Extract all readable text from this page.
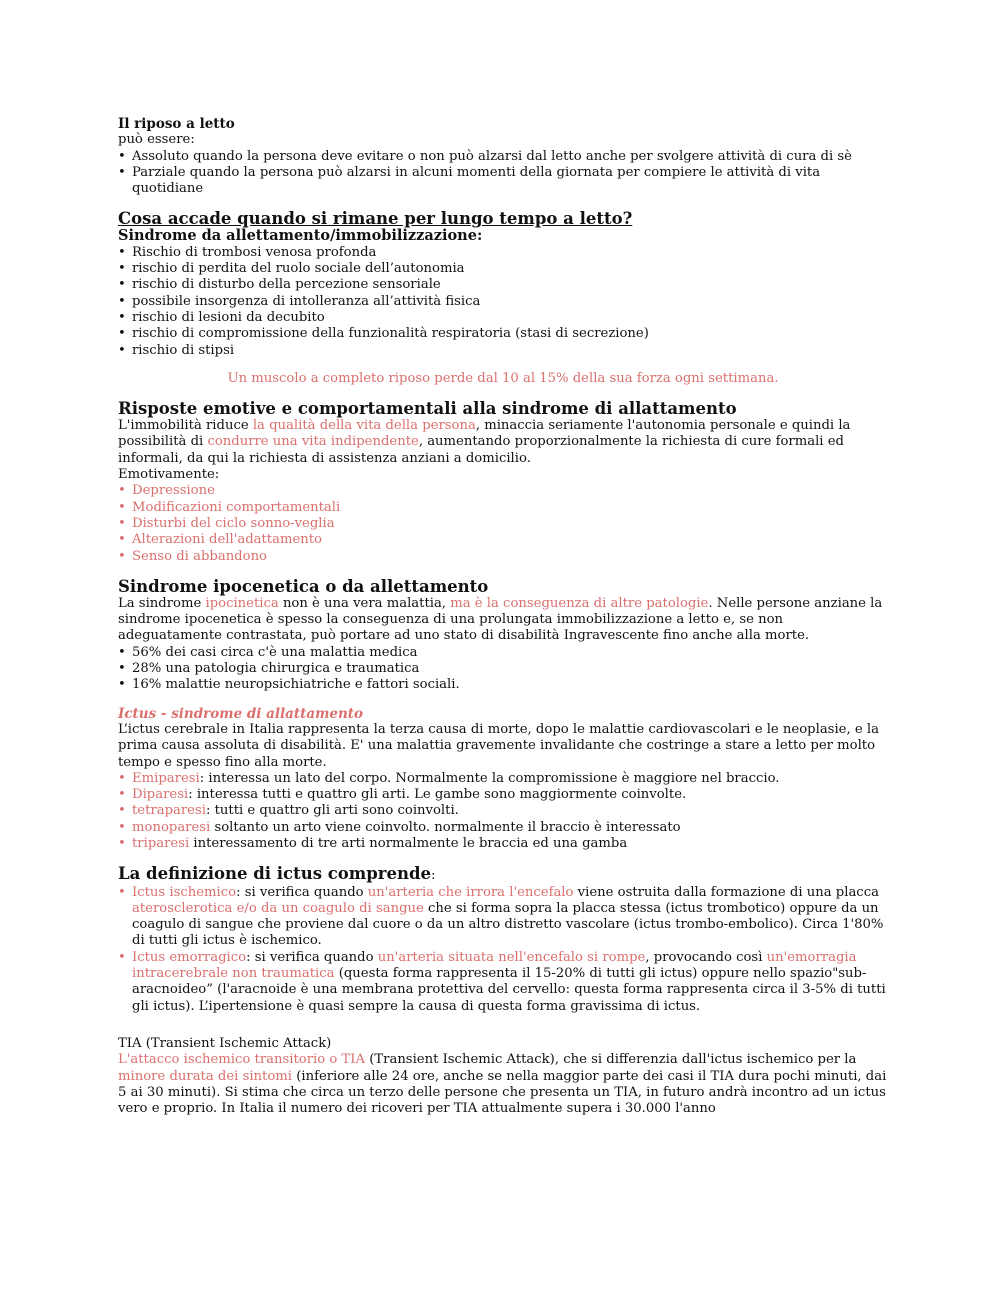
Il riposo a letto

può essere:

• Assoluto quando la persona deve evitare o non può alzarsi dal letto anche per svolgere attività di cura di sè
• Parziale quando la persona può alzarsi in alcuni momenti della giornata per compiere le attività di vita quotidiane

Cosa accade quando si rimane per lungo tempo a letto?

Sindrome da allettamento/immobilizzazione:

• Rischio di trombosi venosa profonda
• rischio di perdita del ruolo sociale dell’autonomia
• rischio di disturbo della percezione sensoriale
• possibile insorgenza di intolleranza all’attività fisica
• rischio di lesioni da decubito
• rischio di compromissione della funzionalità respiratoria (stasi di secrezione)
• rischio di stipsi

Un muscolo a completo riposo perde dal 10 al 15% della sua forza ogni settimana.

Risposte emotive e comportamentali alla sindrome di allattamento

L'immobilità riduce la qualità della vita della persona, minaccia seriamente l'autonomia personale e quindi la possibilità di condurre una vita indipendente, aumentando proporzionalmente la richiesta di cure formali ed informali, da qui la richiesta di assistenza anziani a domicilio.

Emotivamente:

• Depressione
• Modificazioni comportamentali
• Disturbi del ciclo sonno-veglia
• Alterazioni dell'adattamento
• Senso di abbandono

Sindrome ipocenetica o da allettamento

La sindrome ipocinetica non è una vera malattia, ma è la conseguenza di altre patologie. Nelle persone anziane la sindrome ipocenetica è spesso la conseguenza di una prolungata immobilizzazione a letto e, se non adeguatamente contrastata, può portare ad uno stato di disabilità Ingravescente fino anche alla morte.

• 56% dei casi circa c'è una malattia medica
• 28% una patologia chirurgica e traumatica
• 16% malattie neuropsichiatriche e fattori sociali.

Ictus - sindrome di allattamento

L’ictus cerebrale in Italia rappresenta la terza causa di morte, dopo le malattie cardiovascolari e le neoplasie, e la prima causa assoluta di disabilità. E' una malattia gravemente invalidante che costringe a stare a letto per molto tempo e spesso fino alla morte.

• Emiparesi: interessa un lato del corpo. Normalmente la compromissione è maggiore nel braccio.
• Diparesi: interessa tutti e quattro gli arti. Le gambe sono maggiormente coinvolte.
• tetraparesi: tutti e quattro gli arti sono coinvolti.
• monoparesi soltanto un arto viene coinvolto. normalmente il braccio è interessato
• triparesi interessamento di tre arti normalmente le braccia ed una gamba

La definizione di ictus comprende:

• Ictus ischemico: si verifica quando un'arteria che irrora l'encefalo viene ostruita dalla formazione di una placca aterosclerotica e/o da un coagulo di sangue che si forma sopra la placca stessa (ictus trombotico) oppure da un coagulo di sangue che proviene dal cuore o da un altro distretto vascolare (ictus trombo-embolico). Circa 1'80% di tutti gli ictus è ischemico.
• Ictus emorragico: si verifica quando un'arteria situata nell'encefalo si rompe, provocando così un'emorragia intracerebrale non traumatica (questa forma rappresenta il 15-20% di tutti gli ictus) oppure nello spazio"sub-aracnoideo” (l'aracnoide è una membrana protettiva del cervello: questa forma rappresenta circa il 3-5% di tutti gli ictus). L’ipertensione è quasi sempre la causa di questa forma gravissima di ictus.

TIA (Transient Ischemic Attack)

L'attacco ischemico transitorio o TIA (Transient Ischemic Attack), che si differenzia dall'ictus ischemico per la minore durata dei sintomi (inferiore alle 24 ore, anche se nella maggior parte dei casi il TIA dura pochi minuti, dai 5 ai 30 minuti). Si stima che circa un terzo delle persone che presenta un TIA, in futuro andrà incontro ad un ictus vero e proprio. In Italia il numero dei ricoveri per TIA attualmente supera i 30.000 l'anno
